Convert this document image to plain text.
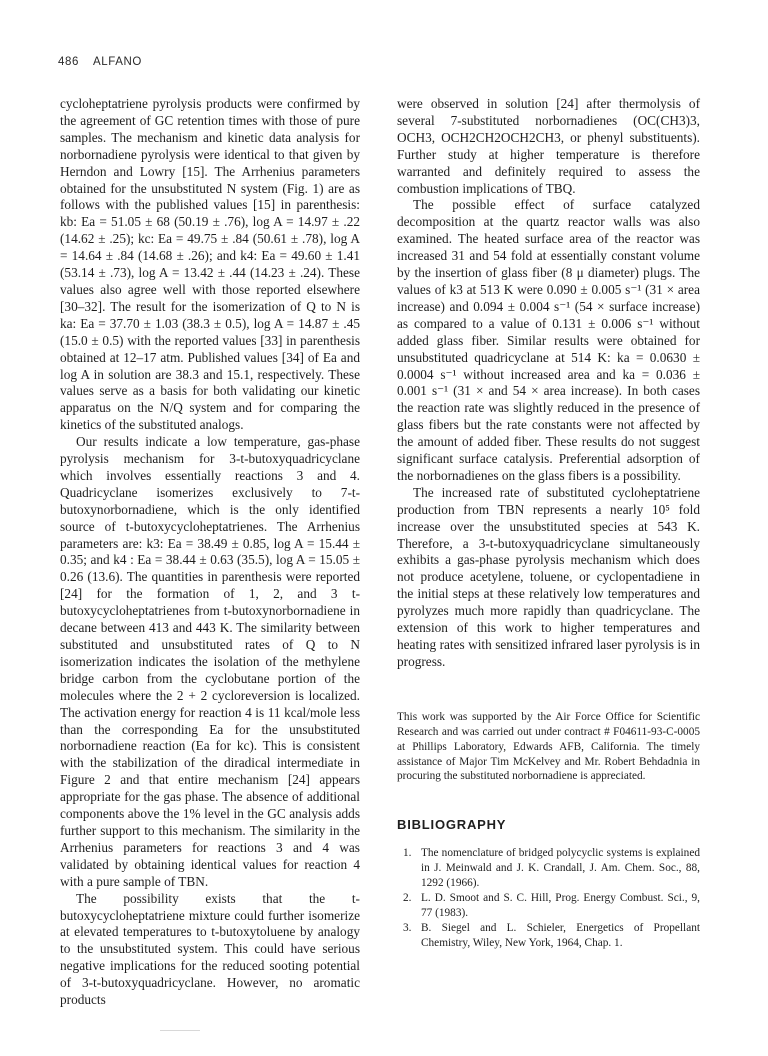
486 ALFANO

cycloheptatriene pyrolysis products were confirmed by the agreement of GC retention times with those of pure samples. The mechanism and kinetic data analysis for norbornadiene pyrolysis were identical to that given by Herndon and Lowry [15]. The Arrhenius parameters obtained for the unsubstituted N system (Fig. 1) are as follows with the published values [15] in parenthesis: kb: Ea = 51.05 ± 68 (50.19 ± .76), log A = 14.97 ± .22 (14.62 ± .25); kc: Ea = 49.75 ± .84 (50.61 ± .78), log A = 14.64 ± .84 (14.68 ± .26); and k4: Ea = 49.60 ± 1.41 (53.14 ± .73), log A = 13.42 ± .44 (14.23 ± .24). These values also agree well with those reported elsewhere [30–32]. The result for the isomerization of Q to N is ka: Ea = 37.70 ± 1.03 (38.3 ± 0.5), log A = 14.87 ± .45 (15.0 ± 0.5) with the reported values [33] in parenthesis obtained at 12–17 atm. Published values [34] of Ea and log A in solution are 38.3 and 15.1, respectively. These values serve as a basis for both validating our kinetic apparatus on the N/Q system and for comparing the kinetics of the substituted analogs.

Our results indicate a low temperature, gas-phase pyrolysis mechanism for 3-t-butoxyquadricyclane which involves essentially reactions 3 and 4. Quadricyclane isomerizes exclusively to 7-t-butoxynorbornadiene, which is the only identified source of t-butoxycycloheptatrienes. The Arrhenius parameters are: k3: Ea = 38.49 ± 0.85, log A = 15.44 ± 0.35; and k4 : Ea = 38.44 ± 0.63 (35.5), log A = 15.05 ± 0.26 (13.6). The quantities in parenthesis were reported [24] for the formation of 1, 2, and 3 t-butoxycycloheptatrienes from t-butoxynorbornadiene in decane between 413 and 443 K. The similarity between substituted and unsubstituted rates of Q to N isomerization indicates the isolation of the methylene bridge carbon from the cyclobutane portion of the molecules where the 2 + 2 cycloreversion is localized. The activation energy for reaction 4 is 11 kcal/mole less than the corresponding Ea for the unsubstituted norbornadiene reaction (Ea for kc). This is consistent with the stabilization of the diradical intermediate in Figure 2 and that entire mechanism [24] appears appropriate for the gas phase. The absence of additional components above the 1% level in the GC analysis adds further support to this mechanism. The similarity in the Arrhenius parameters for reactions 3 and 4 was validated by obtaining identical values for reaction 4 with a pure sample of TBN.

The possibility exists that the t-butoxycycloheptatriene mixture could further isomerize at elevated temperatures to t-butoxytoluene by analogy to the unsubstituted system. This could have serious negative implications for the reduced sooting potential of 3-t-butoxyquadricyclane. However, no aromatic products

were observed in solution [24] after thermolysis of several 7-substituted norbornadienes (OC(CH3)3, OCH3, OCH2CH2OCH2CH3, or phenyl substituents). Further study at higher temperature is therefore warranted and definitely required to assess the combustion implications of TBQ.

The possible effect of surface catalyzed decomposition at the quartz reactor walls was also examined. The heated surface area of the reactor was increased 31 and 54 fold at essentially constant volume by the insertion of glass fiber (8 μ diameter) plugs. The values of k3 at 513 K were 0.090 ± 0.005 s⁻¹ (31 × area increase) and 0.094 ± 0.004 s⁻¹ (54 × surface increase) as compared to a value of 0.131 ± 0.006 s⁻¹ without added glass fiber. Similar results were obtained for unsubstituted quadricyclane at 514 K: ka = 0.0630 ± 0.0004 s⁻¹ without increased area and ka = 0.036 ± 0.001 s⁻¹ (31 × and 54 × area increase). In both cases the reaction rate was slightly reduced in the presence of glass fibers but the rate constants were not affected by the amount of added fiber. These results do not suggest significant surface catalysis. Preferential adsorption of the norbornadienes on the glass fibers is a possibility.

The increased rate of substituted cycloheptatriene production from TBN represents a nearly 10⁵ fold increase over the unsubstituted species at 543 K. Therefore, a 3-t-butoxyquadricyclane simultaneously exhibits a gas-phase pyrolysis mechanism which does not produce acetylene, toluene, or cyclopentadiene in the initial steps at these relatively low temperatures and pyrolyzes much more rapidly than quadricyclane. The extension of this work to higher temperatures and heating rates with sensitized infrared laser pyrolysis is in progress.

This work was supported by the Air Force Office for Scientific Research and was carried out under contract # F04611-93-C-0005 at Phillips Laboratory, Edwards AFB, California. The timely assistance of Major Tim McKelvey and Mr. Robert Behdadnia in procuring the substituted norbornadiene is appreciated.

BIBLIOGRAPHY
1. The nomenclature of bridged polycyclic systems is explained in J. Meinwald and J. K. Crandall, J. Am. Chem. Soc., 88, 1292 (1966).
2. L. D. Smoot and S. C. Hill, Prog. Energy Combust. Sci., 9, 77 (1983).
3. B. Siegel and L. Schieler, Energetics of Propellant Chemistry, Wiley, New York, 1964, Chap. 1.
